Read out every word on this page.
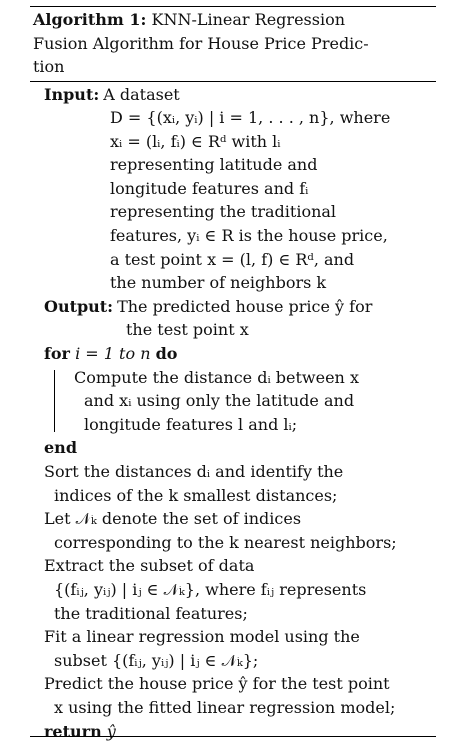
Algorithm 1: KNN-Linear Regression
Fusion Algorithm for House Price Predic-
tion
Input: A dataset
D = {(xᵢ, yᵢ) | i = 1, . . . , n}, where
xᵢ = (lᵢ, fᵢ) ∈ Rᵈ with lᵢ
representing latitude and
longitude features and fᵢ
representing the traditional
features, yᵢ ∈ R is the house price,
a test point x = (l, f) ∈ Rᵈ, and
the number of neighbors k
Output: The predicted house price ŷ for
the test point x
for i = 1 to n do
Compute the distance dᵢ between x
and xᵢ using only the latitude and
longitude features l and lᵢ;
end
Sort the distances dᵢ and identify the
indices of the k smallest distances;
Let 𝒩ₖ denote the set of indices
corresponding to the k nearest neighbors;
Extract the subset of data
{(fᵢⱼ, yᵢⱼ) | iⱼ ∈ 𝒩ₖ}, where fᵢⱼ represents
the traditional features;
Fit a linear regression model using the
subset {(fᵢⱼ, yᵢⱼ) | iⱼ ∈ 𝒩ₖ};
Predict the house price ŷ for the test point
x using the fitted linear regression model;
return ŷ
